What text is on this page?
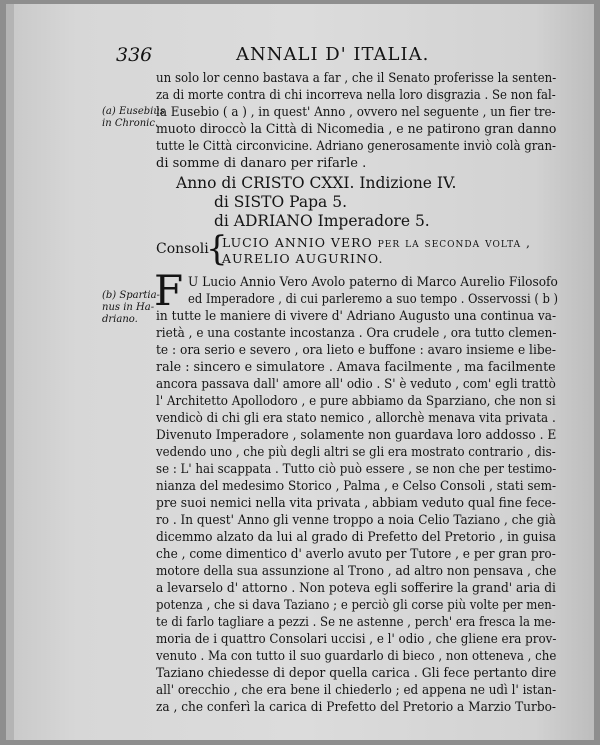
336	ANNALI D' ITALIA.
un solo lor cenno bastava a far , che il Senato proferisse la senten-
za di morte contra di chi incorreva nella loro disgrazia . Se non fal-
la Eusebio ( a ) , in quest' Anno , ovvero nel seguente , un fier tre-
muoto diroccò la Città di Nicomedia , e ne patirono gran danno
tutte le Città circonvicine. Adriano generosamente inviò colà gran-
di somme di danaro per rifarle .
(a) Eusebius
in Chronic.
(b) Spartia-
nus in Ha-
driano.
Anno di CRISTO CXXI. Indizione IV.
di SISTO Papa 5.
di ADRIANO Imperadore 5.
Consoli
{
LUCIO ANNIO VERO per la seconda volta ,
AURELIO AUGURINO.
F U Lucio Annio Vero Avolo paterno di Marco Aurelio Filosofo
ed Imperadore , di cui parleremo a suo tempo . Osservossi ( b )
in tutte le maniere di vivere d' Adriano Augusto una continua va-
rietà , e una costante incostanza . Ora crudele , ora tutto clemen-
te : ora serio e severo , ora lieto e buffone : avaro insieme e libe-
rale : sincero e simulatore . Amava facilmente , ma facilmente
ancora passava dall' amore all' odio . S' è veduto , com' egli trattò
l' Architetto Apollodoro , e pure abbiamo da Sparziano, che non si
vendicò di chi gli era stato nemico , allorchè menava vita privata .
Divenuto Imperadore , solamente non guardava loro addosso . E
vedendo uno , che più degli altri se gli era mostrato contrario , dis-
se : L' hai scappata . Tutto ciò può essere , se non che per testimo-
nianza del medesimo Storico , Palma , e Celso Consoli , stati sem-
pre suoi nemici nella vita privata , abbiam veduto qual fine fece-
ro . In quest' Anno gli venne troppo a noia Celio Taziano , che già
dicemmo alzato da lui al grado di Prefetto del Pretorio , in guisa
che , come dimentico d' averlo avuto per Tutore , e per gran pro-
motore della sua assunzione al Trono , ad altro non pensava , che
a levarselo d' attorno . Non poteva egli sofferire la grand' aria di
potenza , che si dava Taziano ; e perciò gli corse più volte per men-
te di farlo tagliare a pezzi . Se ne astenne , perch' era fresca la me-
moria de i quattro Consolari uccisi , e l' odio , che gliene era prov-
venuto . Ma con tutto il suo guardarlo di bieco , non otteneva , che
Taziano chiedesse di depor quella carica . Gli fece pertanto dire
all' orecchio , che era bene il chiederlo ; ed appena ne udì l' istan-
za , che conferì la carica di Prefetto del Pretorio a Marzio Turbo-
